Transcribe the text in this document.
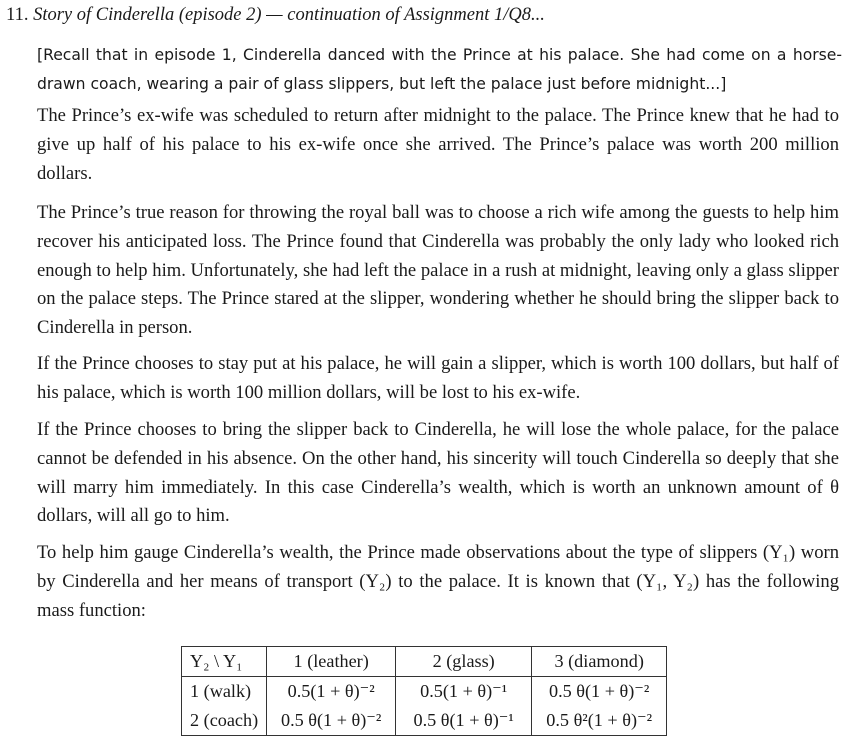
11. Story of Cinderella (episode 2) — continuation of Assignment 1/Q8...
[Recall that in episode 1, Cinderella danced with the Prince at his palace. She had come on a horse-drawn coach, wearing a pair of glass slippers, but left the palace just before midnight...]

The Prince’s ex-wife was scheduled to return after midnight to the palace. The Prince knew that he had to give up half of his palace to his ex-wife once she arrived. The Prince’s palace was worth 200 million dollars.

The Prince’s true reason for throwing the royal ball was to choose a rich wife among the guests to help him recover his anticipated loss. The Prince found that Cinderella was probably the only lady who looked rich enough to help him. Unfortunately, she had left the palace in a rush at midnight, leaving only a glass slipper on the palace steps. The Prince stared at the slipper, wondering whether he should bring the slipper back to Cinderella in person.

If the Prince chooses to stay put at his palace, he will gain a slipper, which is worth 100 dollars, but half of his palace, which is worth 100 million dollars, will be lost to his ex-wife.

If the Prince chooses to bring the slipper back to Cinderella, he will lose the whole palace, for the palace cannot be defended in his absence. On the other hand, his sincerity will touch Cinderella so deeply that she will marry him immediately. In this case Cinderella’s wealth, which is worth an unknown amount of θ dollars, will all go to him.

To help him gauge Cinderella’s wealth, the Prince made observations about the type of slippers (Y₁) worn by Cinderella and her means of transport (Y₂) to the palace. It is known that (Y₁, Y₂) has the following mass function:

Y₂ \ Y₁	1 (leather)	2 (glass)	3 (diamond)
1 (walk)	0.5(1 + θ)⁻²	0.5(1 + θ)⁻¹	0.5 θ(1 + θ)⁻²
2 (coach)	0.5 θ(1 + θ)⁻²	0.5 θ(1 + θ)⁻¹	0.5 θ²(1 + θ)⁻²
